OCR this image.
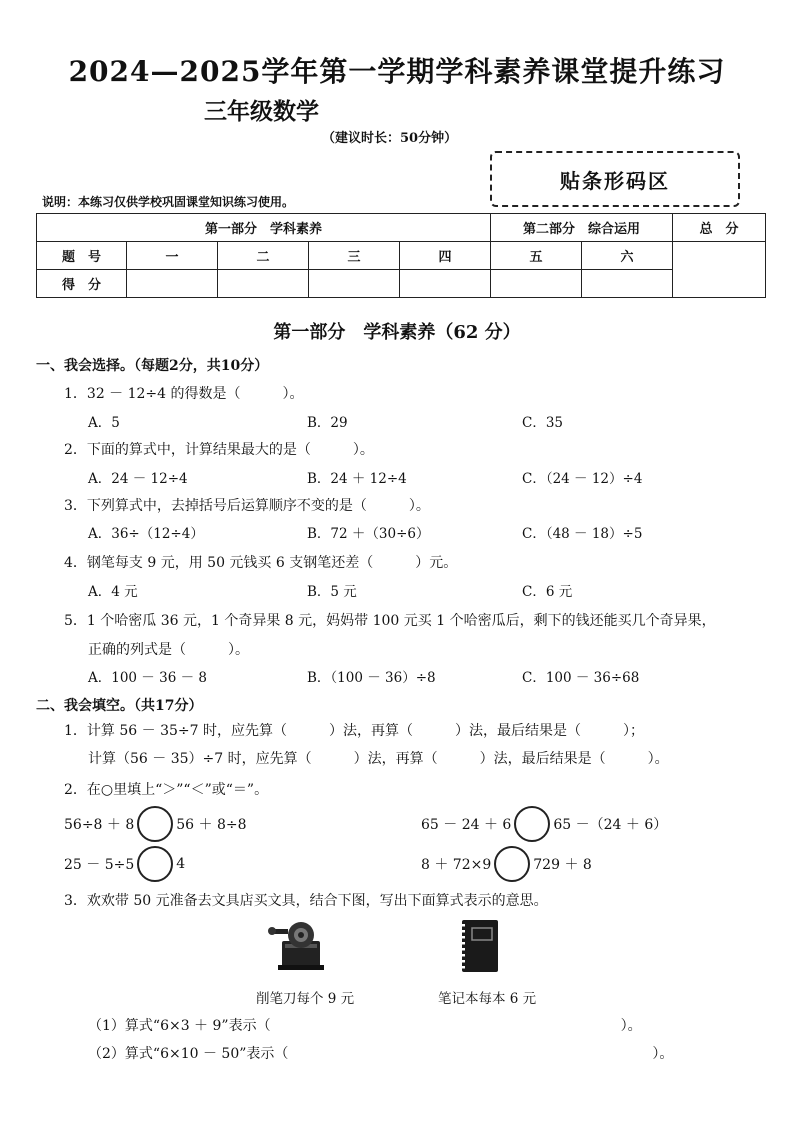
2024—2025学年第一学期学科素养课堂提升练习
三年级数学
（建议时长：50分钟）
贴条形码区
说明：本练习仅供学校巩固课堂知识练习使用。
第一部分　学科素养					第二部分　综合运用		总　分
题　号	一	二	三	四	五	六	
得　分							
第一部分　学科素养（62 分）
一、我会选择。（每题2分，共10分）
1．32 － 12÷4 的得数是（　　　）。
A．5	B．29	C．35
2．下面的算式中，计算结果最大的是（　　　）。
A．24 － 12÷4	B．24 ＋ 12÷4	C．（24 － 12）÷4
3．下列算式中，去掉括号后运算顺序不变的是（　　　）。
A．36÷（12÷4）	B．72 ＋（30÷6）	C．（48 － 18）÷5
4．钢笔每支 9 元，用 50 元钱买 6 支钢笔还差（　　　）元。
A．4 元	B．5 元	C．6 元
5．1 个哈密瓜 36 元，1 个奇异果 8 元，妈妈带 100 元买 1 个哈密瓜后，剩下的钱还能买几个奇异果，
正确的列式是（　　　）。
A．100 － 36 － 8	B．（100 － 36）÷8	C．100 － 36÷68
二、我会填空。（共17分）
1．计算 56 － 35÷7 时，应先算（　　　）法，再算（　　　）法，最后结果是（　　　）；
计算（56 － 35）÷7 时，应先算（　　　）法，再算（　　　）法，最后结果是（　　　）。
2．在○里填上“＞”“＜”或“＝”。
56÷8 ＋ 8	56 ＋ 8÷8	65 － 24 ＋ 6	65 －（24 ＋ 6）
25 － 5÷5	4	8 ＋ 72×9	729 ＋ 8
3．欢欢带 50 元准备去文具店买文具，结合下图，写出下面算式表示的意思。
削笔刀每个 9 元	笔记本每本 6 元
（1）算式“6×3 ＋ 9”表示（　　　　　　　　　　　　　　　　　　　　　　　　　）。
（2）算式“6×10 － 50”表示（　　　　　　　　　　　　　　　　　　　　　　　　　　）。
